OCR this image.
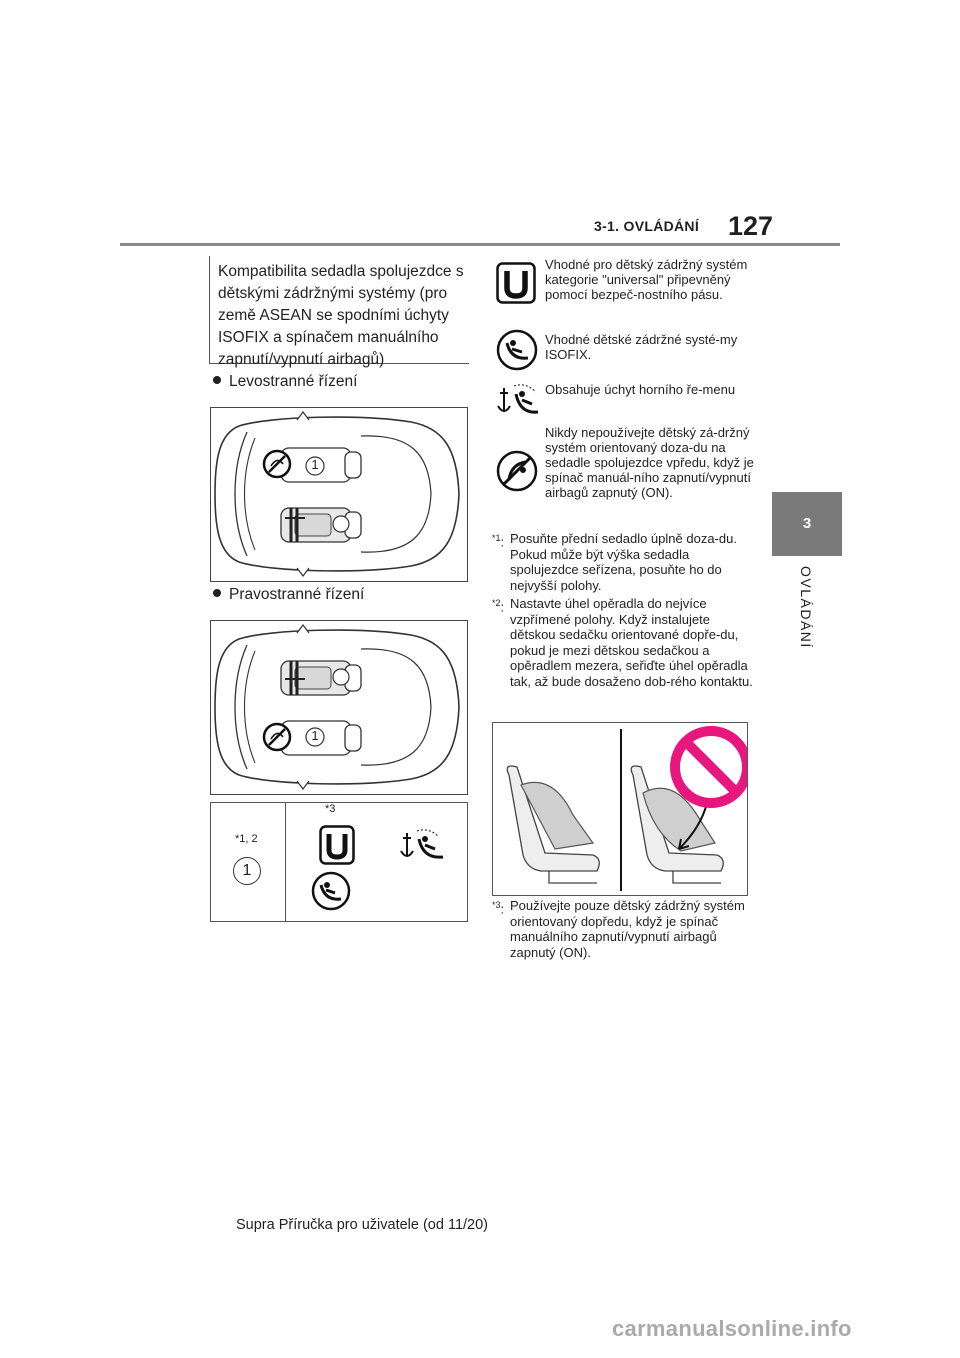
3-1. OVLÁDÁNÍ 127
3
OVLÁDÁNÍ
Kompatibilita sedadla spolujezdce s dětskými zádržnými systémy (pro země ASEAN se spodními úchyty ISOFIX a spínačem manuálního zapnutí/vypnutí airbagů)
Levostranné řízení
1
Pravostranné řízení
1
*1, 2
1
*3
Vhodné pro dětský zádržný systém kategorie "universal" připevněný pomocí bezpeč-nostního pásu.
Vhodné dětské zádržné systé-my ISOFIX.
Obsahuje úchyt horního ře-menu
Nikdy nepoužívejte dětský zá-držný systém orientovaný doza-du na sedadle spolujezdce vpředu, když je spínač manuál-ního zapnutí/vypnutí airbagů zapnutý (ON).
$^{*1}$: Posuňte přední sedadlo úplně doza-du. Pokud může být výška sedadla spolujezdce seřízena, posuňte ho do nejvyšší polohy.
$^{*2}$: Nastavte úhel opěradla do nejvíce vzpřímené polohy. Když instalujete dětskou sedačku orientované dopře-du, pokud je mezi dětskou sedačkou a opěradlem mezera, seřiďte úhel opěradla tak, až bude dosaženo dob-rého kontaktu.
$^{*3}$: Používejte pouze dětský zádržný systém orientovaný dopředu, když je spínač manuálního zapnutí/vypnutí airbagů zapnutý (ON).
Supra Příručka pro uživatele (od 11/20)
carmanualsonline.info
